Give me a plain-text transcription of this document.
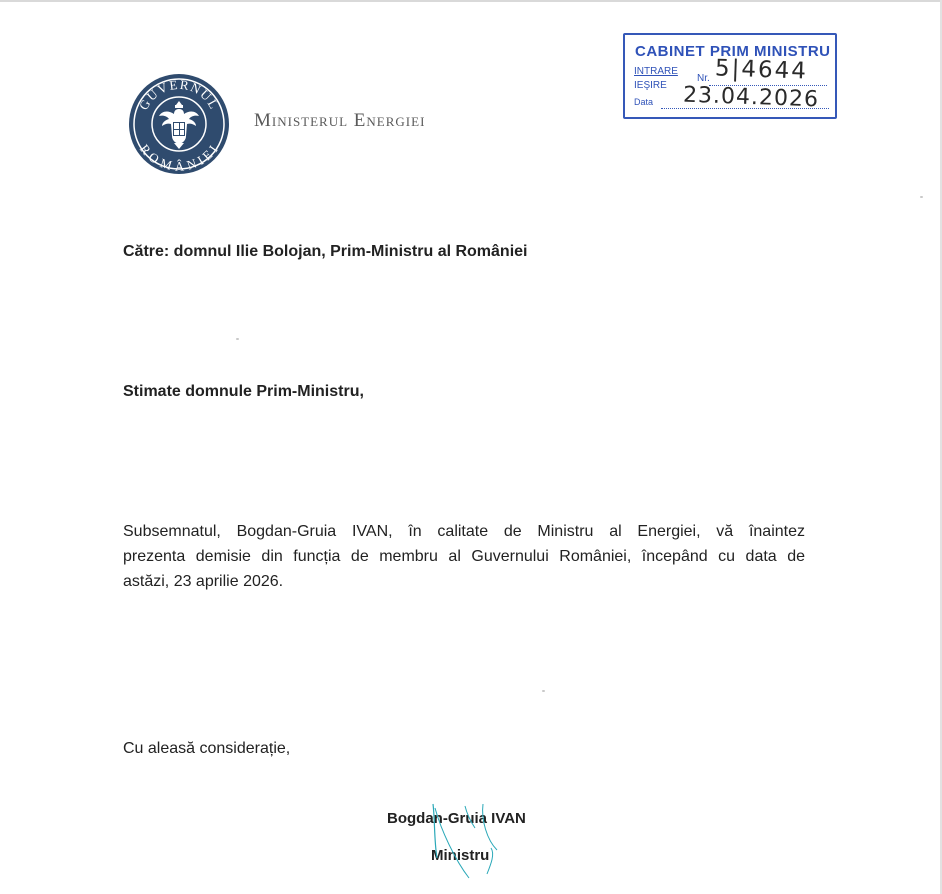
GUVERNUL
ROMÂNIEI
Ministerul Energiei
CABINET PRIM MINISTRU
INTRARE
IEŞIRE
Nr.
Data
5|4644
23.04.2026
Către: domnul Ilie Bolojan, Prim-Ministru al României
Stimate domnule Prim-Ministru,
Subsemnatul, Bogdan-Gruia IVAN, în calitate de Ministru al Energiei, vă înaintez
prezenta demisie din funcția de membru al Guvernului României, începând cu data de
astăzi, 23 aprilie 2026.
Cu aleasă considerație,
Bogdan-Gruia IVAN
Ministru
